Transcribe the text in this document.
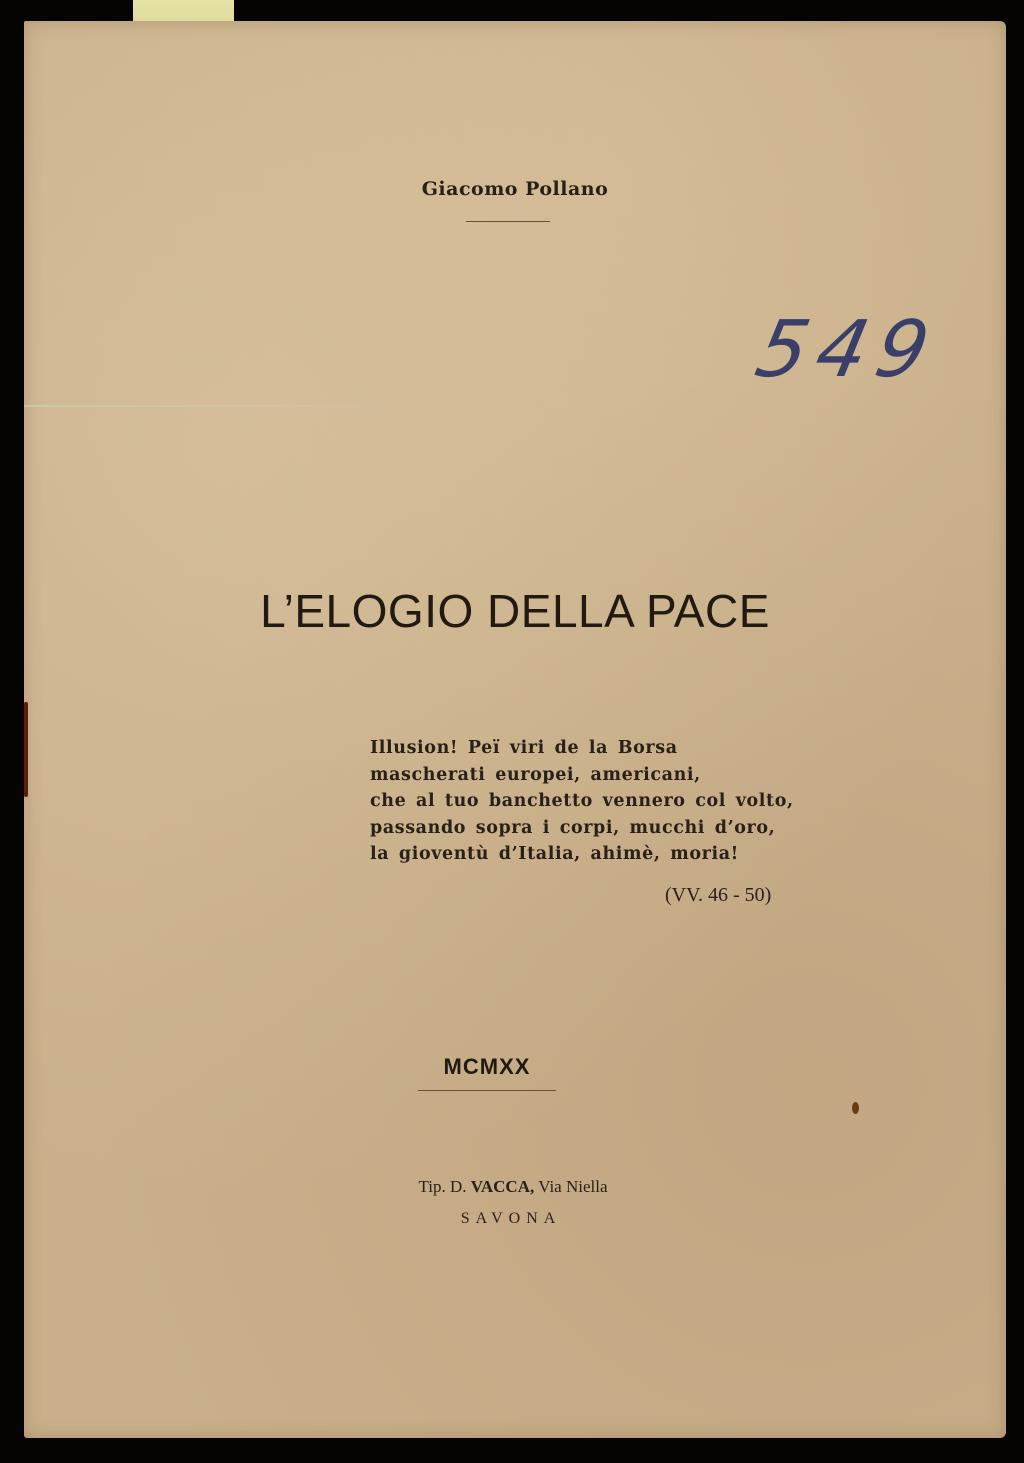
Giacomo Pollano
549
L’ELOGIO DELLA PACE
Illusion! Peï viri de la Borsa
mascherati europei, americani,
che al tuo banchetto vennero col volto,
passando sopra i corpi, mucchi d’oro,
la gioventù d’Italia, ahimè, moria!
(VV. 46 - 50)
MCMXX
Tip. D. VACCA, Via Niella
SAVONA
